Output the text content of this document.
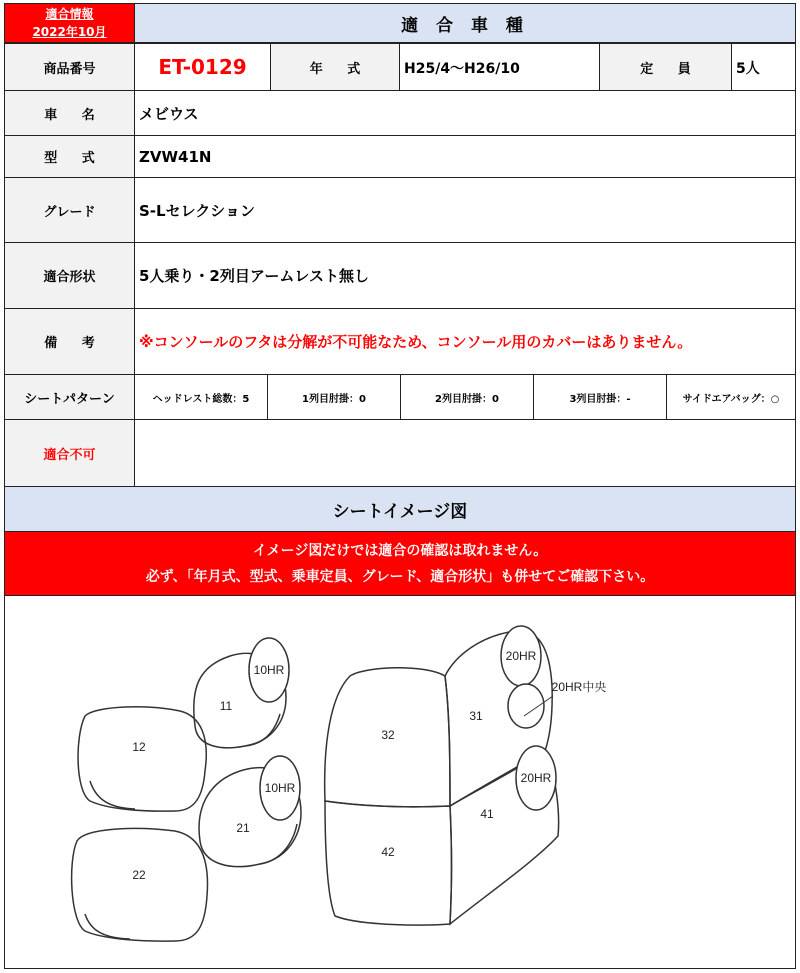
適合情報
2022年10月	適 合 車 種
商品番号	ET-0129	年 式	H25/4～H26/10	定 員	5人
車 名	メビウス
型 式	ZVW41N
グレード	S-Lセレクション
適合形状	5人乗り・2列目アームレスト無し
備 考	※コンソールのフタは分解が不可能なため、コンソール用のカバーはありません。
シートパターン	ヘッドレスト総数：5	1列目肘掛：0	2列目肘掛：0	3列目肘掛：-	サイドエアバッグ：○
適合不可
シートイメージ図
イメージ図だけでは適合の確認は取れません。
必ず、「年月式、型式、乗車定員、グレード、適合形状」も併せてご確認下さい。
10HR
11
12
10HR
21
22
20HR
31
32
20HR中央
20HR
41
42
